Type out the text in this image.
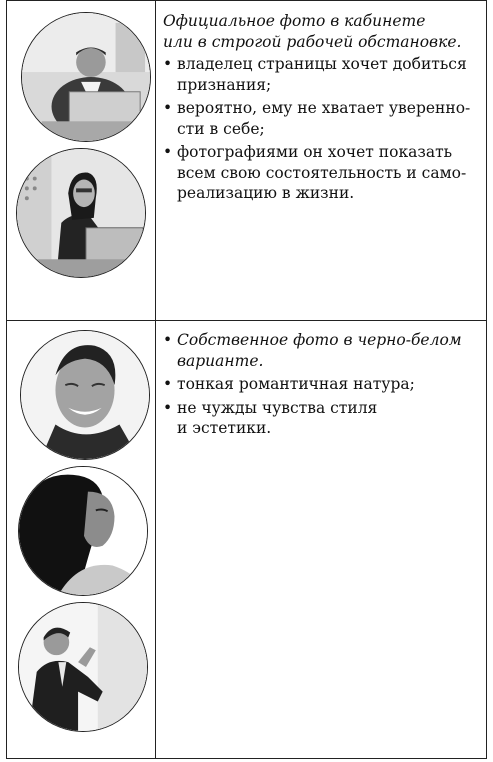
Официальное фото в кабинете
или в строгой рабочей обстановке.

• владелец страницы хочет добиться
признания;
• вероятно, ему не хватает уверенно-
сти в себе;
• фотографиями он хочет показать
всем свою состоятельность и само-
реализацию в жизни.
• Собственное фото в черно-белом
варианте.
• тонкая романтичная натура;
• не чужды чувства стиля
и эстетики.
